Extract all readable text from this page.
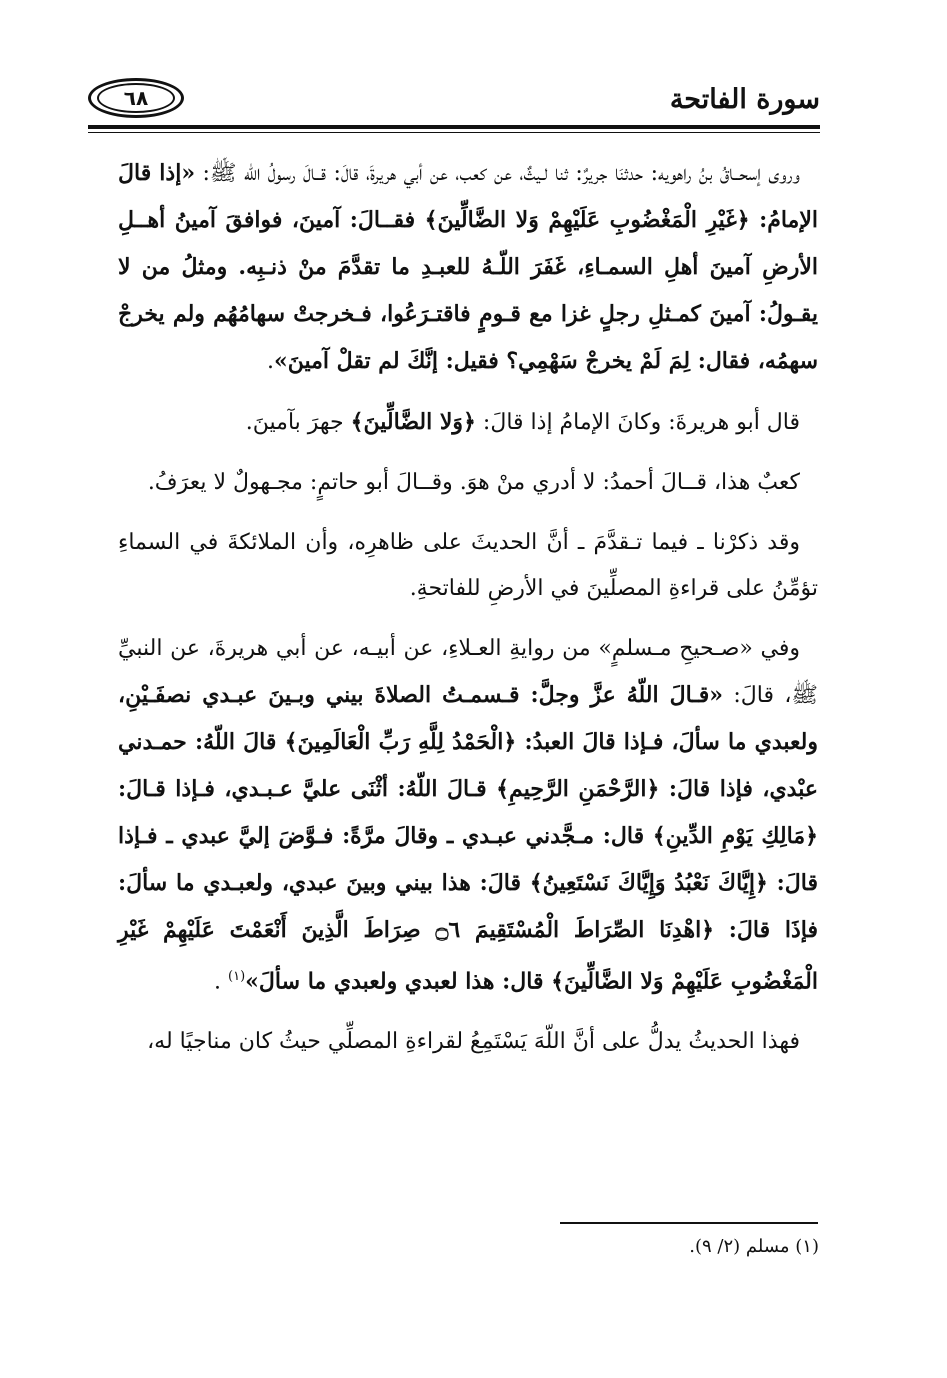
سورة الفاتحة
٦٨

وروى إسحــاقُ بنُ راهويه: حدثنَا جريرٌ: ثنا لـيثٌ، عن كعب، عن أبي هريرةَ، قالَ: قــالَ رسولُ اللّه ﷺ: «إذا قالَ الإمامُ: ﴿غَيْرِ الْمَغْضُوبِ عَلَيْهِمْ وَلا الضَّالِّينَ﴾ فقــالَ: آمينَ، فوافقَ آمينُ أهــلِ الأرضِ آمينَ أهلِ السمـاءِ، غَفَرَ اللّـهُ للعبـدِ ما تقدَّمَ منْ ذنـبِه. ومثلُ من لا يقـولُ: آمينَ كمـثلِ رجلٍ غزا مع قـومٍ فاقتـرَعُوا، فـخرجتْ سهامُهُم ولم يخرجْ سهمُه، فقال: لِمَ لَمْ يخرجْ سَهْمِي؟ فقيل: إنَّكَ لم تقلْ آمينَ».

قال أبو هريرةَ: وكانَ الإمامُ إذا قالَ: ﴿وَلا الضَّالِّينَ﴾ جهرَ بآمينَ.

كعبٌ هذا، قــالَ أحمدُ: لا أدري منْ هوَ. وقــالَ أبو حاتمٍ: مجـهولٌ لا يعرَفُ.

وقد ذكرْنا ـ فيما تـقدَّمَ ـ أنَّ الحديثَ على ظاهرِه، وأن الملائكةَ في السماءِ تؤمِّنُ على قراءةِ المصلِّينَ في الأرضِ للفاتحةِ.

وفي «صـحيحِ مـسلمٍ» من روايةِ العـلاءِ، عن أبيـه، عن أبي هريرةَ، عن النبيِّ ﷺ، قالَ: «قـالَ اللّهُ عزَّ وجلَّ: قـسمـتُ الصلاةَ بيني وبـينَ عبـدي نصفَـيْنِ، ولعبدي ما سألَ، فـإذا قالَ العبدُ: ﴿الْحَمْدُ لِلَّهِ رَبِّ الْعَالَمِينَ﴾ قالَ اللّهُ: حمـدني عبْدي، فإذا قالَ: ﴿الرَّحْمَنِ الرَّحِيمِ﴾ قـالَ اللّهُ: أثْنَى عليَّ عـبـدي، فـإذا قـالَ: ﴿مَالِكِ يَوْمِ الدِّينِ﴾ قال: مـجَّدني عبـدي ـ وقالَ مرَّةً: فـوَّضَ إليَّ عبدي ـ فـإذا قالَ: ﴿إِيَّاكَ نَعْبُدُ وَإِيَّاكَ نَسْتَعِينُ﴾ قالَ: هذا بيني وبينَ عبدي، ولعبـدي ما سألَ: فإذَا قالَ: ﴿اهْدِنَا الصِّرَاطَ الْمُسْتَقِيمَ ۝٦ صِرَاطَ الَّذِينَ أَنْعَمْتَ عَلَيْهِمْ غَيْرِ الْمَغْضُوبِ عَلَيْهِمْ وَلا الضَّالِّينَ﴾ قال: هذا لعبدي ولعبدي ما سألَ»$^{(١)}$ .

فهذا الحديثُ يدلُّ على أنَّ اللّهَ يَسْتَمِعُ لقراءةِ المصلِّي حيثُ كان مناجيًا له،

(١) مسلم (٢/ ٩).
